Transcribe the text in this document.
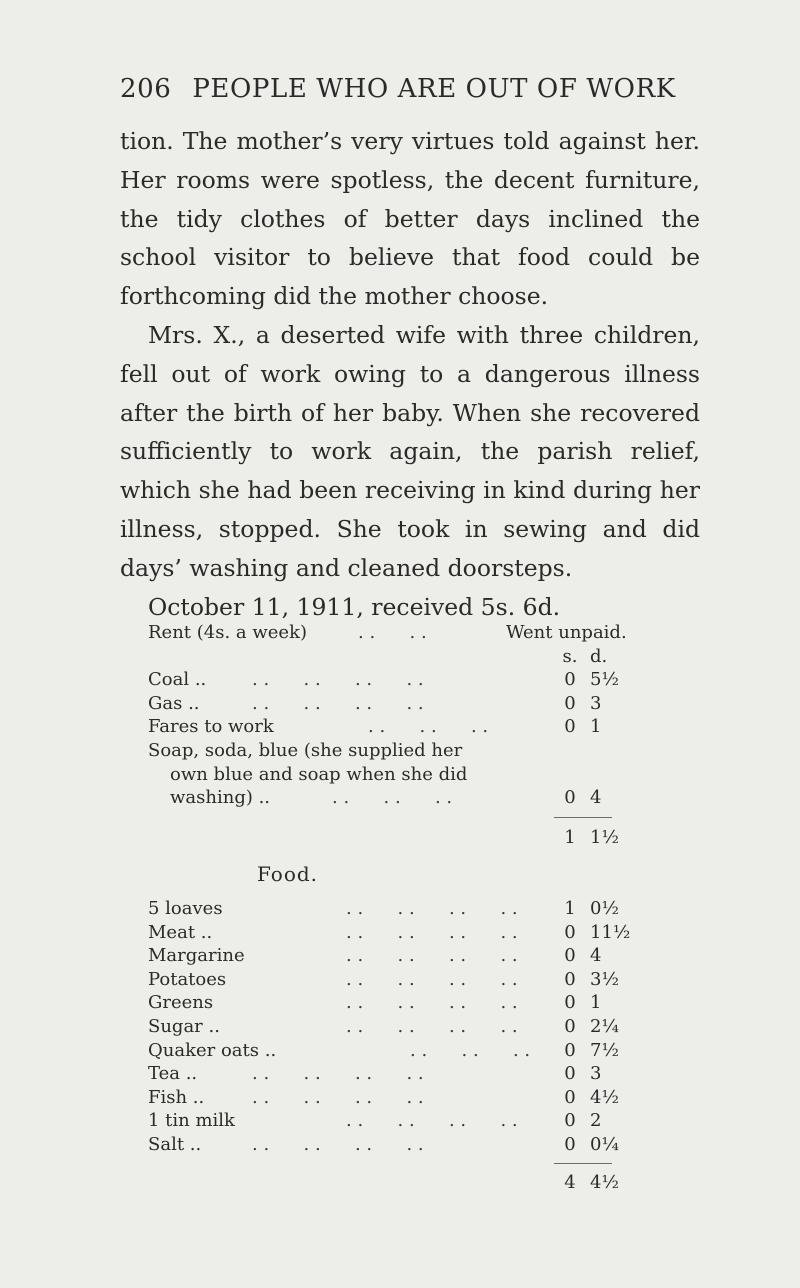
206 PEOPLE WHO ARE OUT OF WORK

tion. The mother’s very virtues told against her. Her rooms were spotless, the decent furniture, the tidy clothes of better days inclined the school visitor to believe that food could be forthcoming did the mother choose.

Mrs. X., a deserted wife with three children, fell out of work owing to a dangerous illness after the birth of her baby. When she recovered sufficiently to work again, the parish relief, which she had been receiving in kind during her illness, stopped. She took in sewing and did days’ washing and cleaned doorsteps.

October 11, 1911, received 5s. 6d.

Rent (4s. a week)	. .      . .	Went unpaid.
s. d.
Coal ..	. .      . .      . .      . .	0 5½
Gas ..	. .      . .      . .      . .	0 3
Fares to work	. .      . .      . .	0 1
Soap, soda, blue (she supplied her
own blue and soap when she did
washing) ..	. .      . .      . .	0 4
1 1½
Food.
5 loaves	. .      . .      . .      . .	1 0½
Meat ..	. .      . .      . .      . .	0 11½
Margarine	. .      . .      . .      . .	0 4
Potatoes	. .      . .      . .      . .	0 3½
Greens	. .      . .      . .      . .	0 1
Sugar ..	. .      . .      . .      . .	0 2¼
Quaker oats ..	. .      . .      . . 0 7½
Tea ..	. .      . .      . .      . .	0 3
Fish ..	. .      . .      . .      . .	0 4½
1 tin milk	. .      . .      . .      . .	0 2
Salt ..	. .      . .      . .      . .	0 0¼
4 4½
